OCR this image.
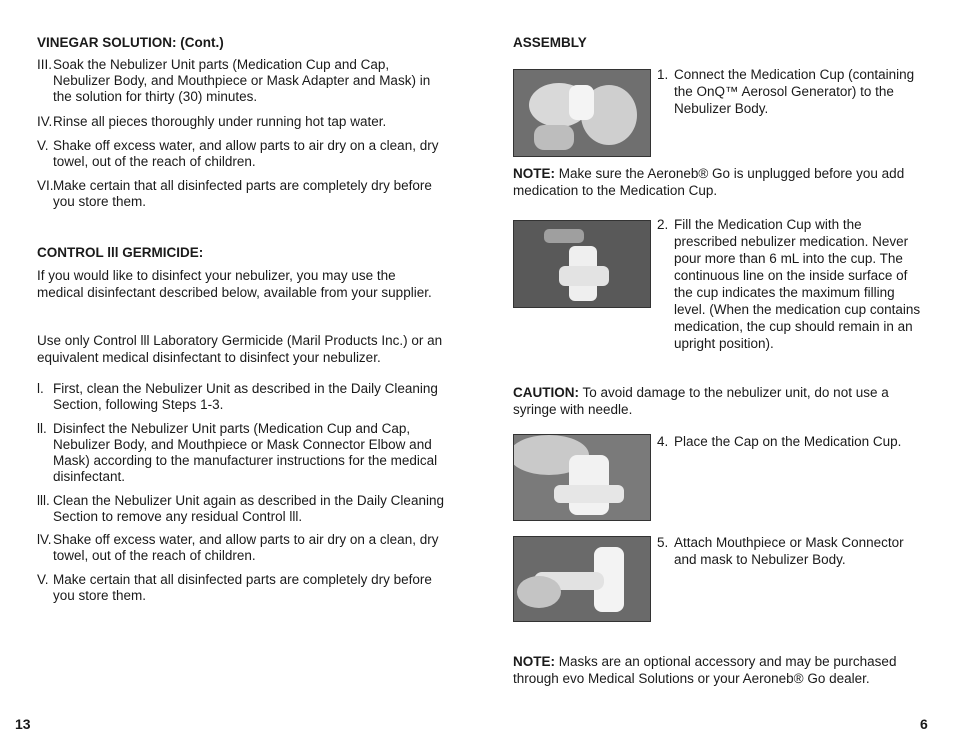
VINEGAR SOLUTION: (Cont.)
III. Soak the Nebulizer Unit parts (Medication Cup and Cap, Nebulizer Body, and Mouthpiece or Mask Adapter and Mask) in the solution for thirty (30) minutes.
IV. Rinse all pieces thoroughly under running hot tap water.
V. Shake off excess water, and allow parts to air dry on a clean, dry towel, out of the reach of children.
VI. Make certain that all disinfected parts are completely dry before you store them.
CONTROL lll GERMICIDE:
If you would like to disinfect your nebulizer, you may use the medical disinfectant described below, available from your supplier.
Use only Control lll Laboratory Germicide (Maril Products Inc.) or an equivalent medical disinfectant to disinfect your nebulizer.
l. First, clean the Nebulizer Unit as described in the Daily Cleaning Section, following Steps 1-3.
ll. Disinfect the Nebulizer Unit parts (Medication Cup and Cap, Nebulizer Body, and Mouthpiece or Mask Connector Elbow and Mask) according to the manufacturer instructions for the medical disinfectant.
lll. Clean the Nebulizer Unit again as described in the Daily Cleaning Section to remove any residual Control lll.
lV. Shake off excess water, and allow parts to air dry on a clean, dry towel, out of the reach of children.
V. Make certain that all disinfected parts are completely dry before you store them.
13
ASSEMBLY
1. Connect the Medication Cup (containing the OnQ™ Aerosol Generator) to the Nebulizer Body.
NOTE: Make sure the Aeroneb® Go is unplugged before you add medication to the Medication Cup.
2. Fill the Medication Cup with the prescribed nebulizer medication. Never pour more than 6 mL into the cup. The continuous line on the inside surface of the cup indicates the maximum filling level. (When the medication cup contains medication, the cup should remain in an upright position).
CAUTION: To avoid damage to the nebulizer unit, do not use a syringe with needle.
4. Place the Cap on the Medication Cup.
5. Attach Mouthpiece or Mask Connector and mask to Nebulizer Body.
NOTE: Masks are an optional accessory and may be purchased through evo Medical Solutions or your Aeroneb® Go dealer.
6
